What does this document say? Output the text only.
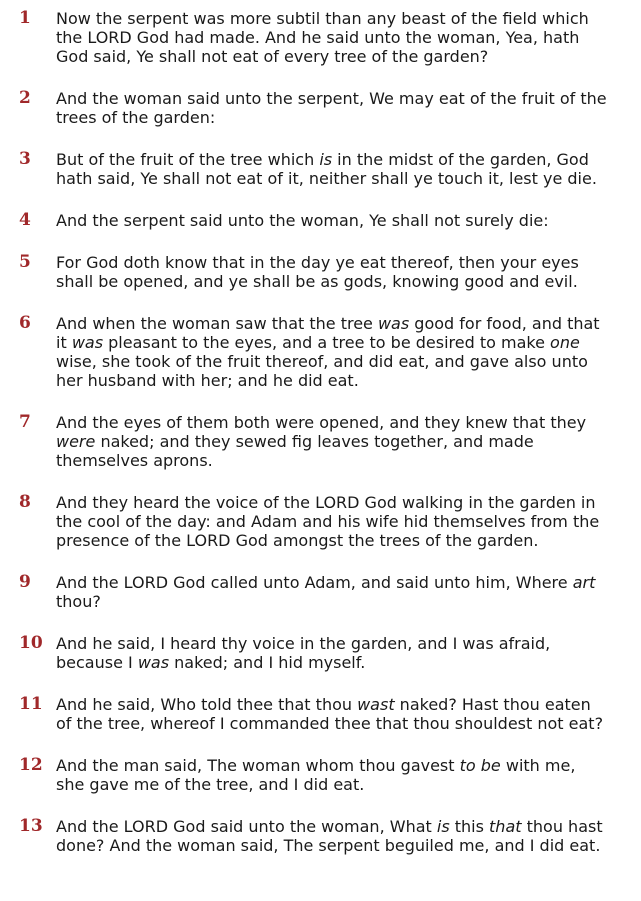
1	Now the serpent was more subtil than any beast of the field which
the LORD God had made. And he said unto the woman, Yea, hath
God said, Ye shall not eat of every tree of the garden?
2	And the woman said unto the serpent, We may eat of the fruit of the
trees of the garden:
3	But of the fruit of the tree which is in the midst of the garden, God
hath said, Ye shall not eat of it, neither shall ye touch it, lest ye die.
4	And the serpent said unto the woman, Ye shall not surely die:
5	For God doth know that in the day ye eat thereof, then your eyes
shall be opened, and ye shall be as gods, knowing good and evil.
6	And when the woman saw that the tree was good for food, and that
it was pleasant to the eyes, and a tree to be desired to make one
wise, she took of the fruit thereof, and did eat, and gave also unto
her husband with her; and he did eat.
7	And the eyes of them both were opened, and they knew that they
were naked; and they sewed fig leaves together, and made
themselves aprons.
8	And they heard the voice of the LORD God walking in the garden in
the cool of the day: and Adam and his wife hid themselves from the
presence of the LORD God amongst the trees of the garden.
9	And the LORD God called unto Adam, and said unto him, Where art
thou?
10 And he said, I heard thy voice in the garden, and I was afraid,
because I was naked; and I hid myself.
11 And he said, Who told thee that thou wast naked? Hast thou eaten
of the tree, whereof I commanded thee that thou shouldest not eat?
12 And the man said, The woman whom thou gavest to be with me,
she gave me of the tree, and I did eat.
13 And the LORD God said unto the woman, What is this that thou hast
done? And the woman said, The serpent beguiled me, and I did eat.
